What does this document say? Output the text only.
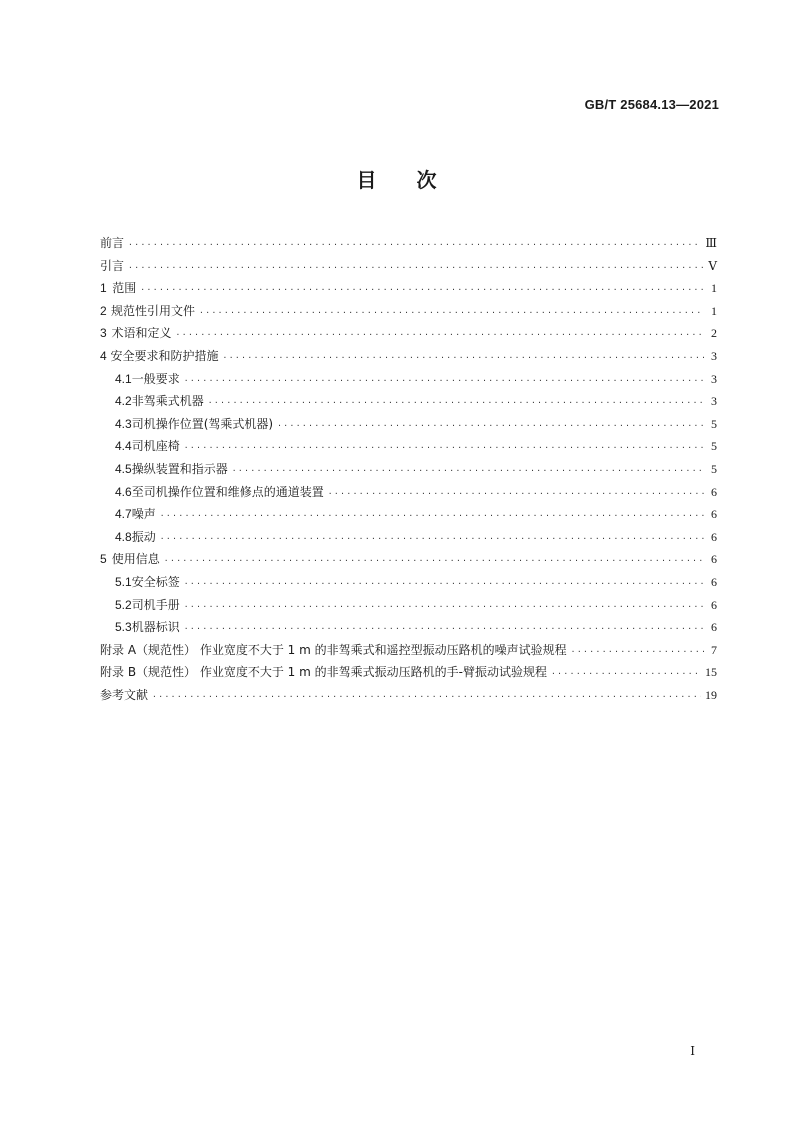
GB/T 25684.13—2021
目次
前言 ·····	Ⅲ
引言 ·····	Ⅴ
1 范围 ·····	1
2 规范性引用文件 ·····	1
3 术语和定义 ·····	2
4 安全要求和防护措施 ·····	3
4.1 一般要求 ·····	3
4.2 非驾乘式机器 ·····	3
4.3 司机操作位置(驾乘式机器) ·····	5
4.4 司机座椅 ·····	5
4.5 操纵装置和指示器 ·····	5
4.6 至司机操作位置和维修点的通道装置 ·····	6
4.7 噪声 ·····	6
4.8 振动 ·····	6
5 使用信息 ·····	6
5.1 安全标签 ·····	6
5.2 司机手册 ·····	6
5.3 机器标识 ·····	6
附录 A（规范性） 作业宽度不大于 1 m 的非驾乘式和遥控型振动压路机的噪声试验规程 ·····	7
附录 B（规范性） 作业宽度不大于 1 m 的非驾乘式振动压路机的手-臂振动试验规程 ·····	15
参考文献 ·····	19
Ⅰ
